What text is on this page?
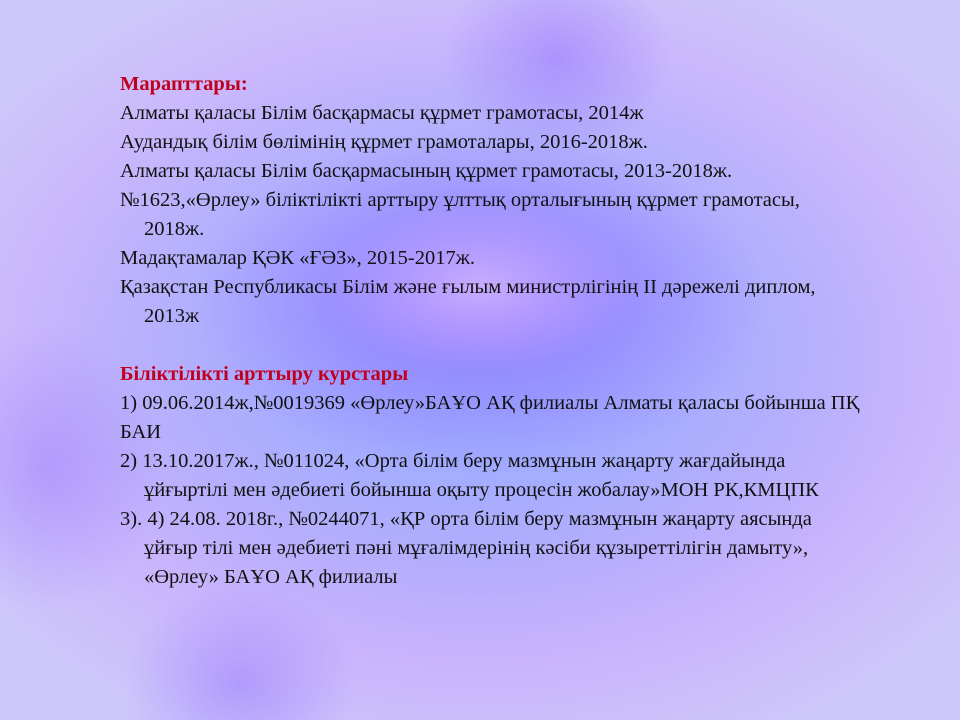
Марапттары:
Алматы қаласы Білім басқармасы құрмет грамотасы, 2014ж
Аудандық білім бөлімінің құрмет грамоталары, 2016-2018ж.
Алматы қаласы Білім басқармасының құрмет грамотасы, 2013-2018ж.
№1623,«Өрлеу» біліктілікті арттыру ұлттық орталығының құрмет грамотасы, 2018ж.
Мадақтамалар ҚӘК «ҒӘЗ», 2015-2017ж.
Қазақстан Республикасы Білім және ғылым министрлігінің ІІ дәрежелі диплом, 2013ж
Біліктілікті арттыру курстары
1) 09.06.2014ж,№0019369 «Өрлеу»БАҰО АҚ филиалы Алматы қаласы бойынша ПҚ БАИ
2) 13.10.2017ж., №011024, «Орта білім беру мазмұнын жаңарту жағдайында ұйғыртілі мен әдебиеті бойынша оқыту процесін жобалау»МОН РК,КМЦПК
3). 4) 24.08. 2018г., №0244071, «ҚР орта білім беру мазмұнын жаңарту аясында ұйғыр тілі мен әдебиеті пәні мұғалімдерінің кәсіби құзыреттілігін дамыту», «Өрлеу» БАҰО АҚ филиалы
